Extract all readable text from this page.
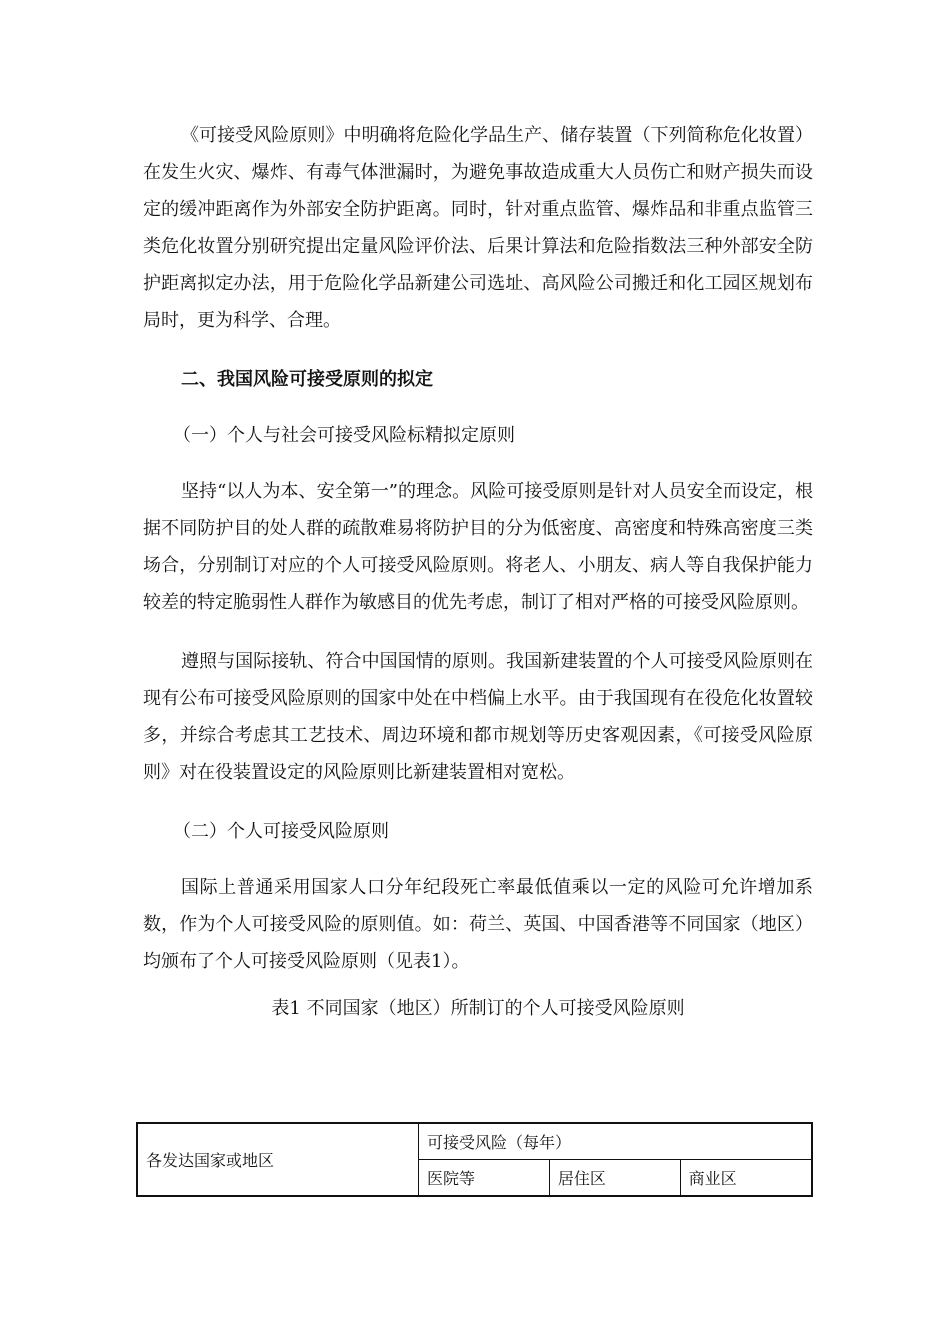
《可接受风险原则》中明确将危险化学品生产、储存装置（下列简称危化妆置）在发生火灾、爆炸、有毒气体泄漏时，为避免事故造成重大人员伤亡和财产损失而设定的缓冲距离作为外部安全防护距离。同时，针对重点监管、爆炸品和非重点监管三类危化妆置分别研究提出定量风险评价法、后果计算法和危险指数法三种外部安全防护距离拟定办法，用于危险化学品新建公司选址、高风险公司搬迁和化工园区规划布局时，更为科学、合理。

二、我国风险可接受原则的拟定

（一）个人与社会可接受风险标精拟定原则

坚持“以人为本、安全第一”的理念。风险可接受原则是针对人员安全而设定，根据不同防护目的处人群的疏散难易将防护目的分为低密度、高密度和特殊高密度三类场合，分别制订对应的个人可接受风险原则。将老人、小朋友、病人等自我保护能力较差的特定脆弱性人群作为敏感目的优先考虑，制订了相对严格的可接受风险原则。

遵照与国际接轨、符合中国国情的原则。我国新建装置的个人可接受风险原则在现有公布可接受风险原则的国家中处在中档偏上水平。由于我国现有在役危化妆置较多，并综合考虑其工艺技术、周边环境和都市规划等历史客观因素，《可接受风险原则》对在役装置设定的风险原则比新建装置相对宽松。

（二）个人可接受风险原则

国际上普通采用国家人口分年纪段死亡率最低值乘以一定的风险可允许增加系数，作为个人可接受风险的原则值。如：荷兰、英国、中国香港等不同国家（地区）均颁布了个人可接受风险原则（见表1）。

表1 不同国家（地区）所制订的个人可接受风险原则

各发达国家或地区	可接受风险（每年）		
	医院等	居住区	商业区
